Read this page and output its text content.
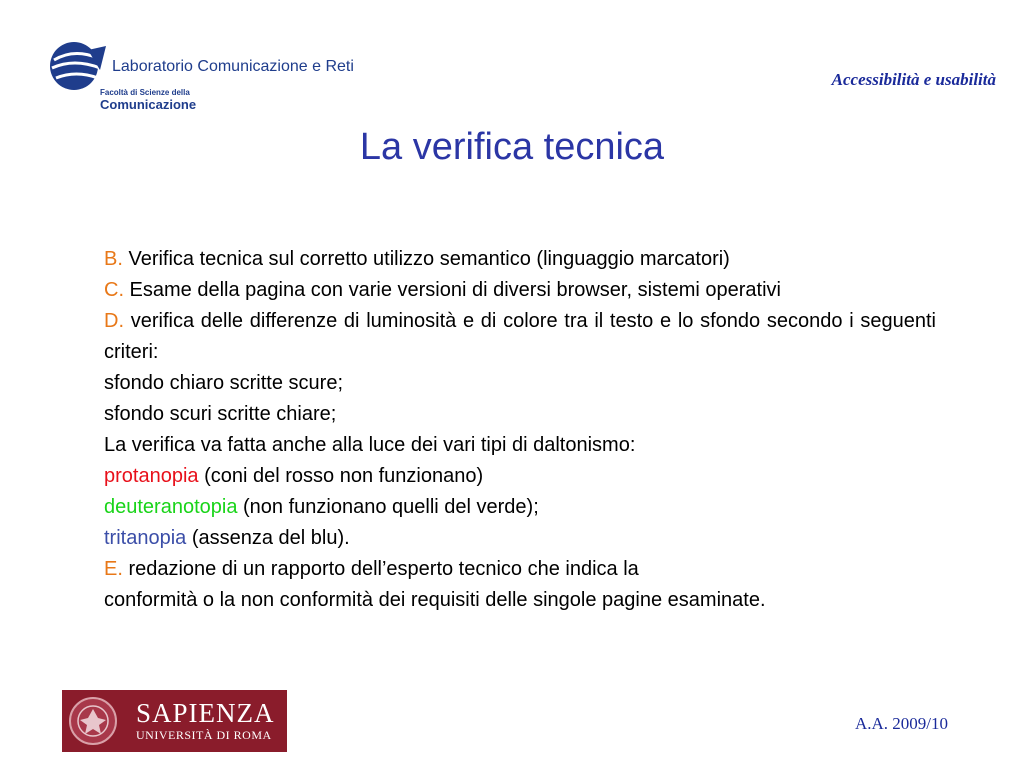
Laboratorio Comunicazione e Reti
Facoltà di Scienze della
Comunicazione
Accessibilità e usabilità
La verifica tecnica

B. Verifica tecnica sul corretto utilizzo semantico (linguaggio marcatori)

C. Esame della pagina con varie versioni di diversi browser, sistemi operativi

D. verifica delle differenze di luminosità e di colore tra il testo e lo sfondo secondo i seguenti criteri:

sfondo chiaro scritte scure;

sfondo scuri scritte chiare;

La verifica va fatta anche alla luce dei vari tipi di daltonismo:

protanopia (coni del rosso non funzionano)

deuteranotopia (non funzionano quelli del verde);

tritanopia (assenza del blu).

E. redazione di un rapporto dell’esperto tecnico che indica la

conformità o la non conformità dei requisiti delle singole pagine esaminate.

SAPIENZA
UNIVERSITÀ DI ROMA
A.A. 2009/10
